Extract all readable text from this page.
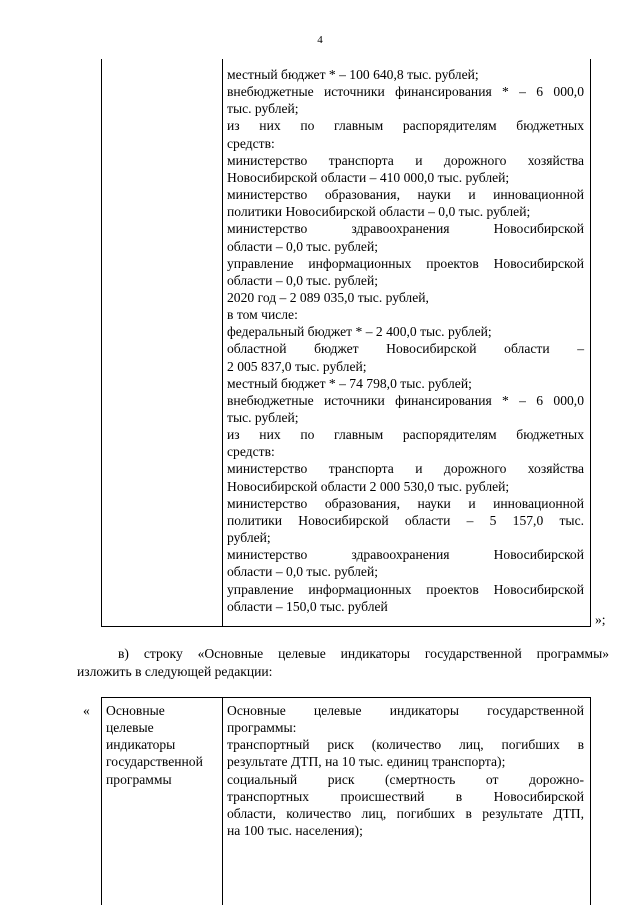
4
местный бюджет * – 100 640,8 тыс. рублей;
внебюджетные источники финансирования * – 6 000,0
тыс. рублей;
из них по главным распорядителям бюджетных
средств:
министерство транспорта и дорожного хозяйства
Новосибирской области – 410 000,0 тыс. рублей;
министерство образования, науки и инновационной
политики Новосибирской области – 0,0 тыс. рублей;
министерство здравоохранения Новосибирской
области – 0,0 тыс. рублей;
управление информационных проектов Новосибирской
области – 0,0 тыс. рублей;
2020 год – 2 089 035,0 тыс. рублей,
в том числе:
федеральный бюджет * – 2 400,0 тыс. рублей;
областной бюджет Новосибирской области –
2 005 837,0 тыс. рублей;
местный бюджет * – 74 798,0 тыс. рублей;
внебюджетные источники финансирования * – 6 000,0
тыс. рублей;
из них по главным распорядителям бюджетных
средств:
министерство транспорта и дорожного хозяйства
Новосибирской области 2 000 530,0 тыс. рублей;
министерство образования, науки и инновационной
политики Новосибирской области – 5 157,0 тыс.
рублей;
министерство здравоохранения Новосибирской
области – 0,0 тыс. рублей;
управление информационных проектов Новосибирской
области – 150,0 тыс. рублей
»;
в) строку «Основные целевые индикаторы государственной программы»
изложить в следующей редакции:
« Основные
целевые
индикаторы
государственной
программы
Основные целевые индикаторы государственной
программы:
транспортный риск (количество лиц, погибших в
результате ДТП, на 10 тыс. единиц транспорта);
социальный риск (смертность от дорожно-
транспортных происшествий в Новосибирской
области, количество лиц, погибших в результате ДТП,
на 100 тыс. населения);
